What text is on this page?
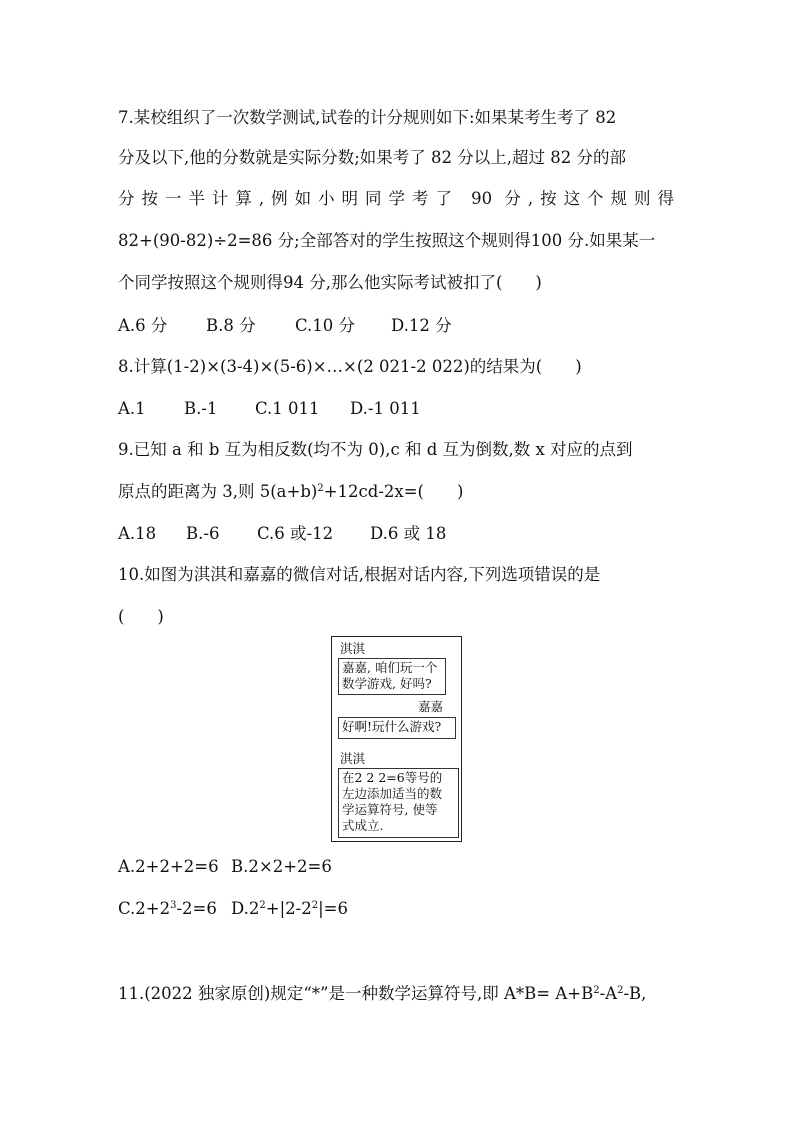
7.某校组织了一次数学测试,试卷的计分规则如下:如果某考生考了 82
分及以下,他的分数就是实际分数;如果考了 82 分以上,超过 82 分的部
分按一半计算,例如小明同学考了 90 分,按这个规则得
82+(90-82)÷2=86 分;全部答对的学生按照这个规则得100 分.如果某一
个同学按照这个规则得94 分,那么他实际考试被扣了(　　)
A.6 分 B.8 分 C.10 分 D.12 分
8.计算(1-2)×(3-4)×(5-6)×…×(2 021-2 022)的结果为(　　)
A.1 B.-1 C.1 011 D.-1 011
9.已知 a 和 b 互为相反数(均不为 0),c 和 d 互为倒数,数 x 对应的点到
原点的距离为 3,则 $5(a+b)^2+12cd-2x=$(　　)
A.18 B.-6 C.6 或-12 D.6 或 18
10.如图为淇淇和嘉嘉的微信对话,根据对话内容,下列选项错误的是
(　　)
淇淇
嘉嘉, 咱们玩一个
数学游戏, 好吗?
嘉嘉
好啊!玩什么游戏?
淇淇
在2 2 2=6等号的
左边添加适当的数
学运算符号, 使等
式成立.
A.2+2+2=6 B.2×2+2=6
$C.2+2^3-2=6$ $D.2^2+|2-2^2|=6$
11.(2022 独家原创)规定“*”是一种数学运算符号,即 $A*B= A+B^2-A^2-B$,
